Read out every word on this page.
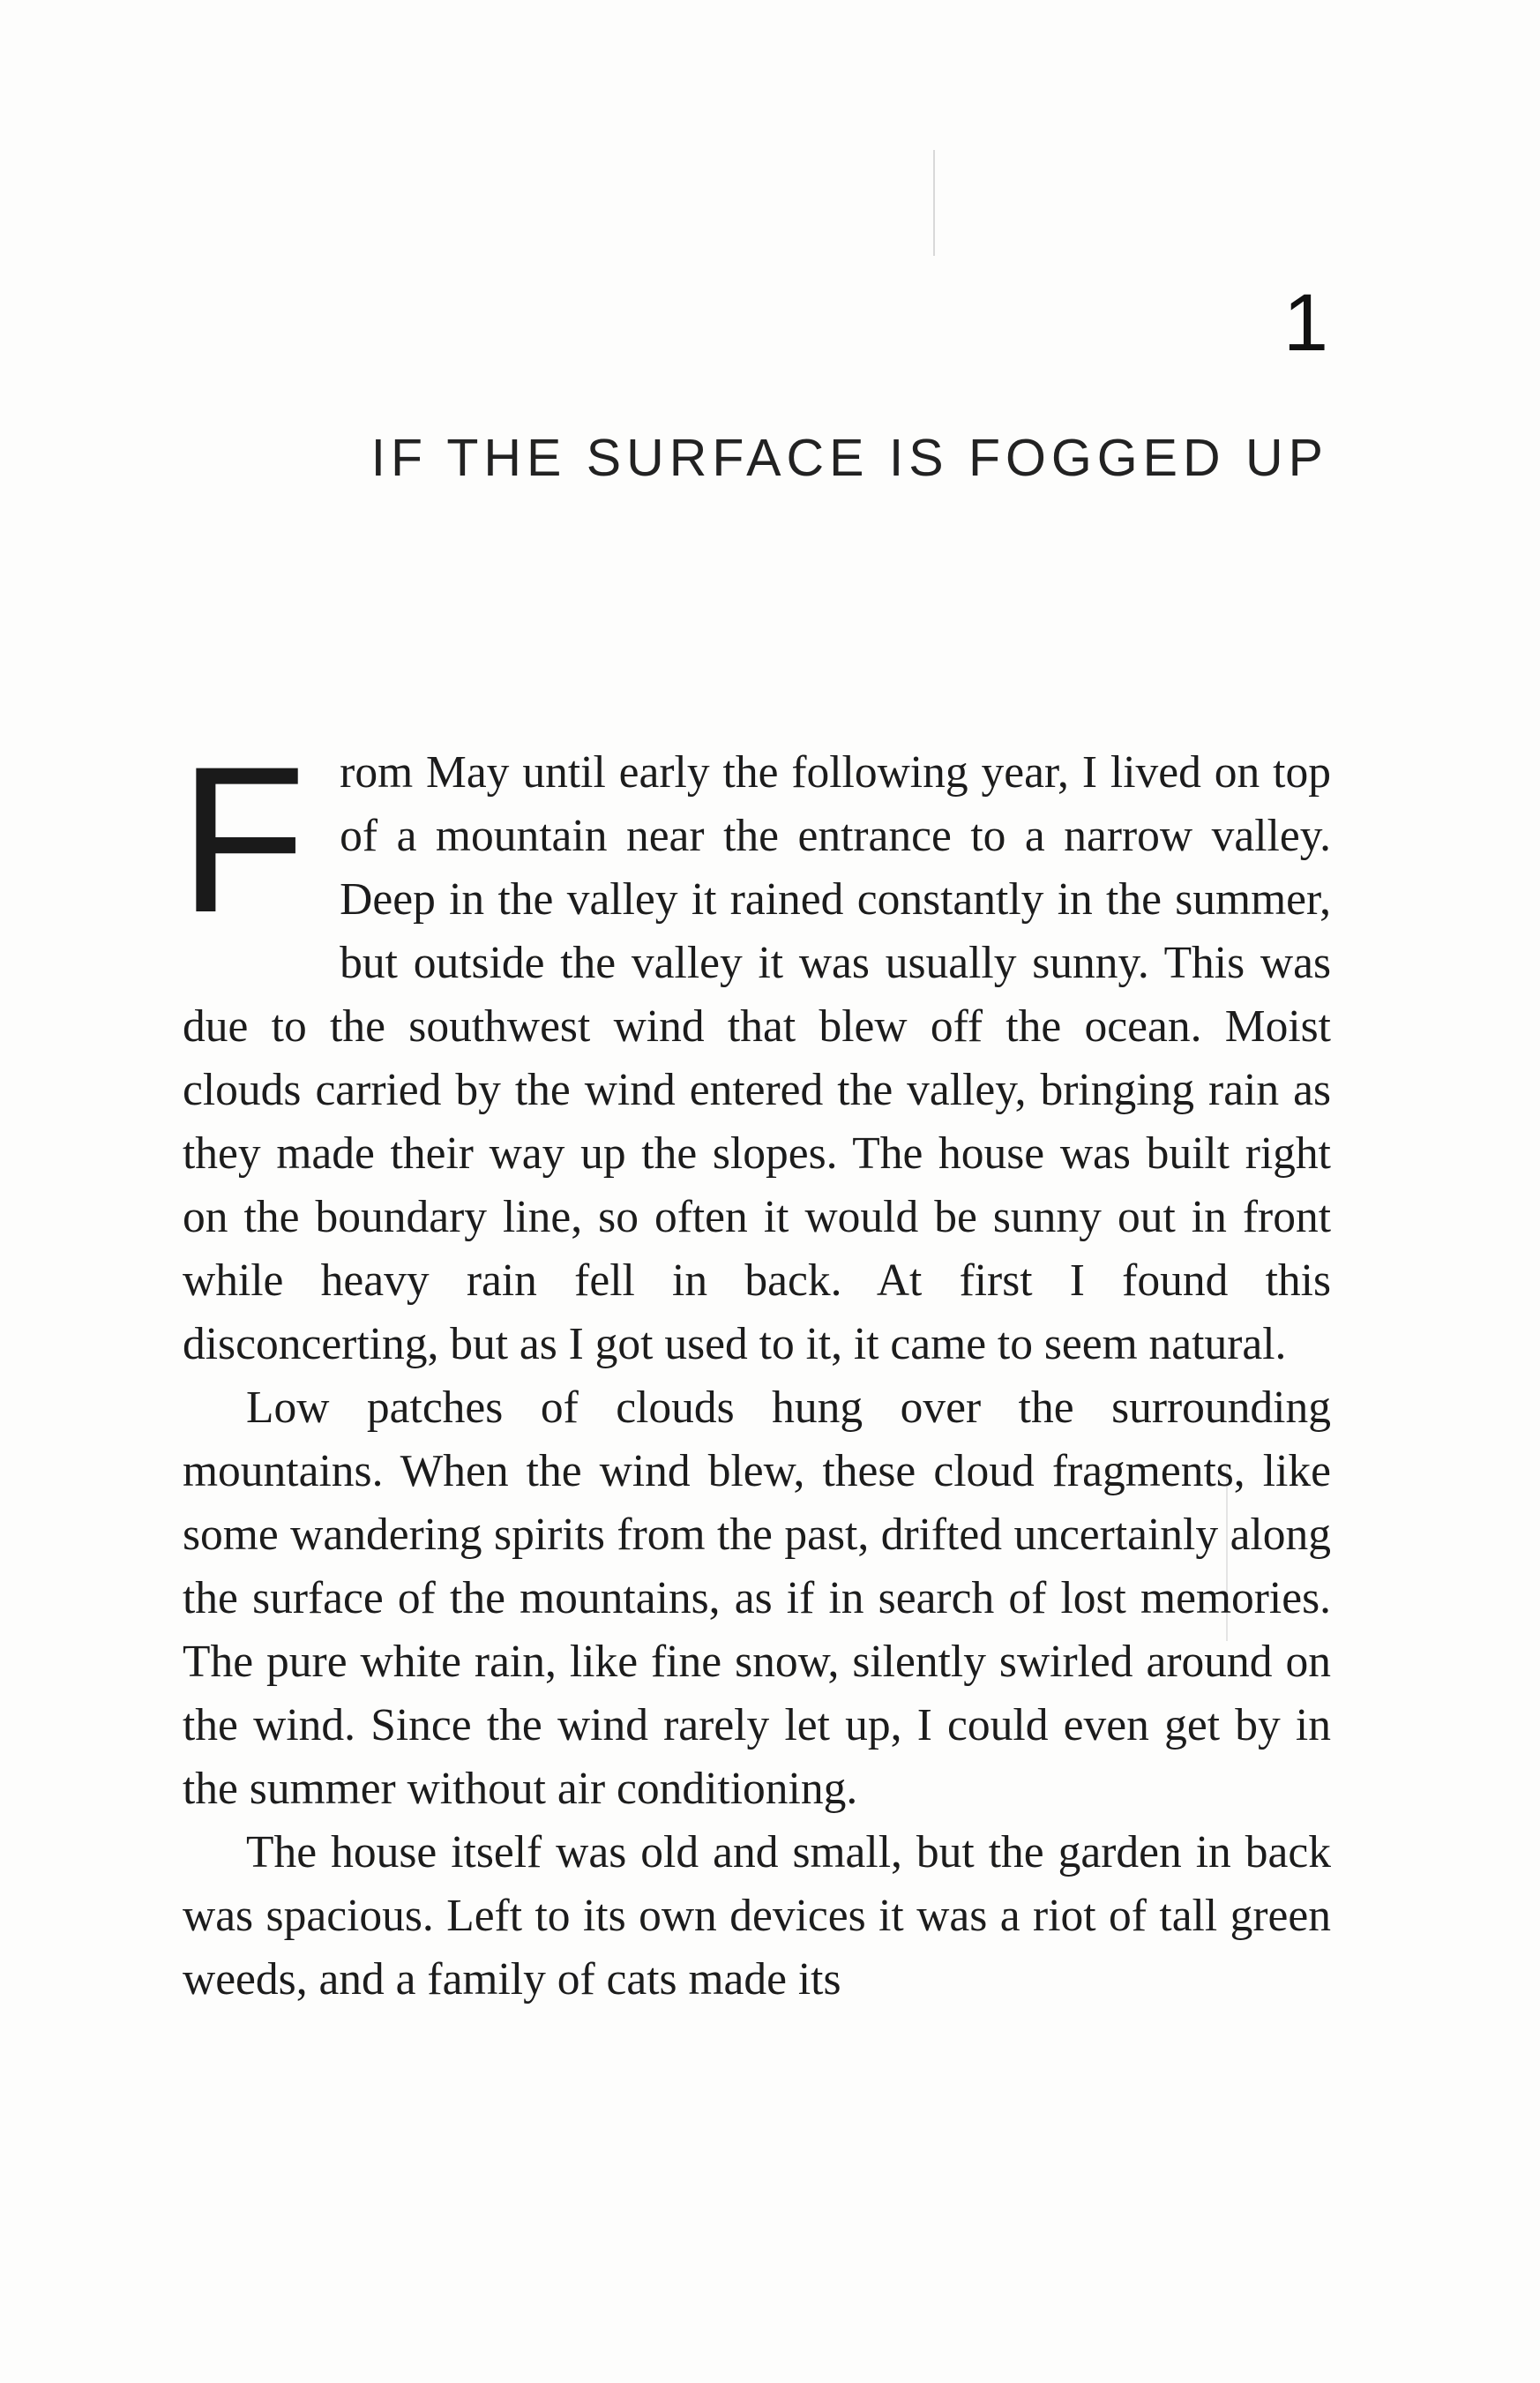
1
IF THE SURFACE IS FOGGED UP

From May until early the following year, I lived on top of a mountain near the entrance to a narrow valley. Deep in the valley it rained constantly in the summer, but outside the valley it was usually sunny. This was due to the southwest wind that blew off the ocean. Moist clouds carried by the wind entered the valley, bringing rain as they made their way up the slopes. The house was built right on the boundary line, so often it would be sunny out in front while heavy rain fell in back. At first I found this disconcerting, but as I got used to it, it came to seem natural.

Low patches of clouds hung over the surrounding mountains. When the wind blew, these cloud fragments, like some wandering spirits from the past, drifted uncertainly along the surface of the mountains, as if in search of lost memories. The pure white rain, like fine snow, silently swirled around on the wind. Since the wind rarely let up, I could even get by in the summer without air conditioning.

The house itself was old and small, but the garden in back was spacious. Left to its own devices it was a riot of tall green weeds, and a family of cats made its
